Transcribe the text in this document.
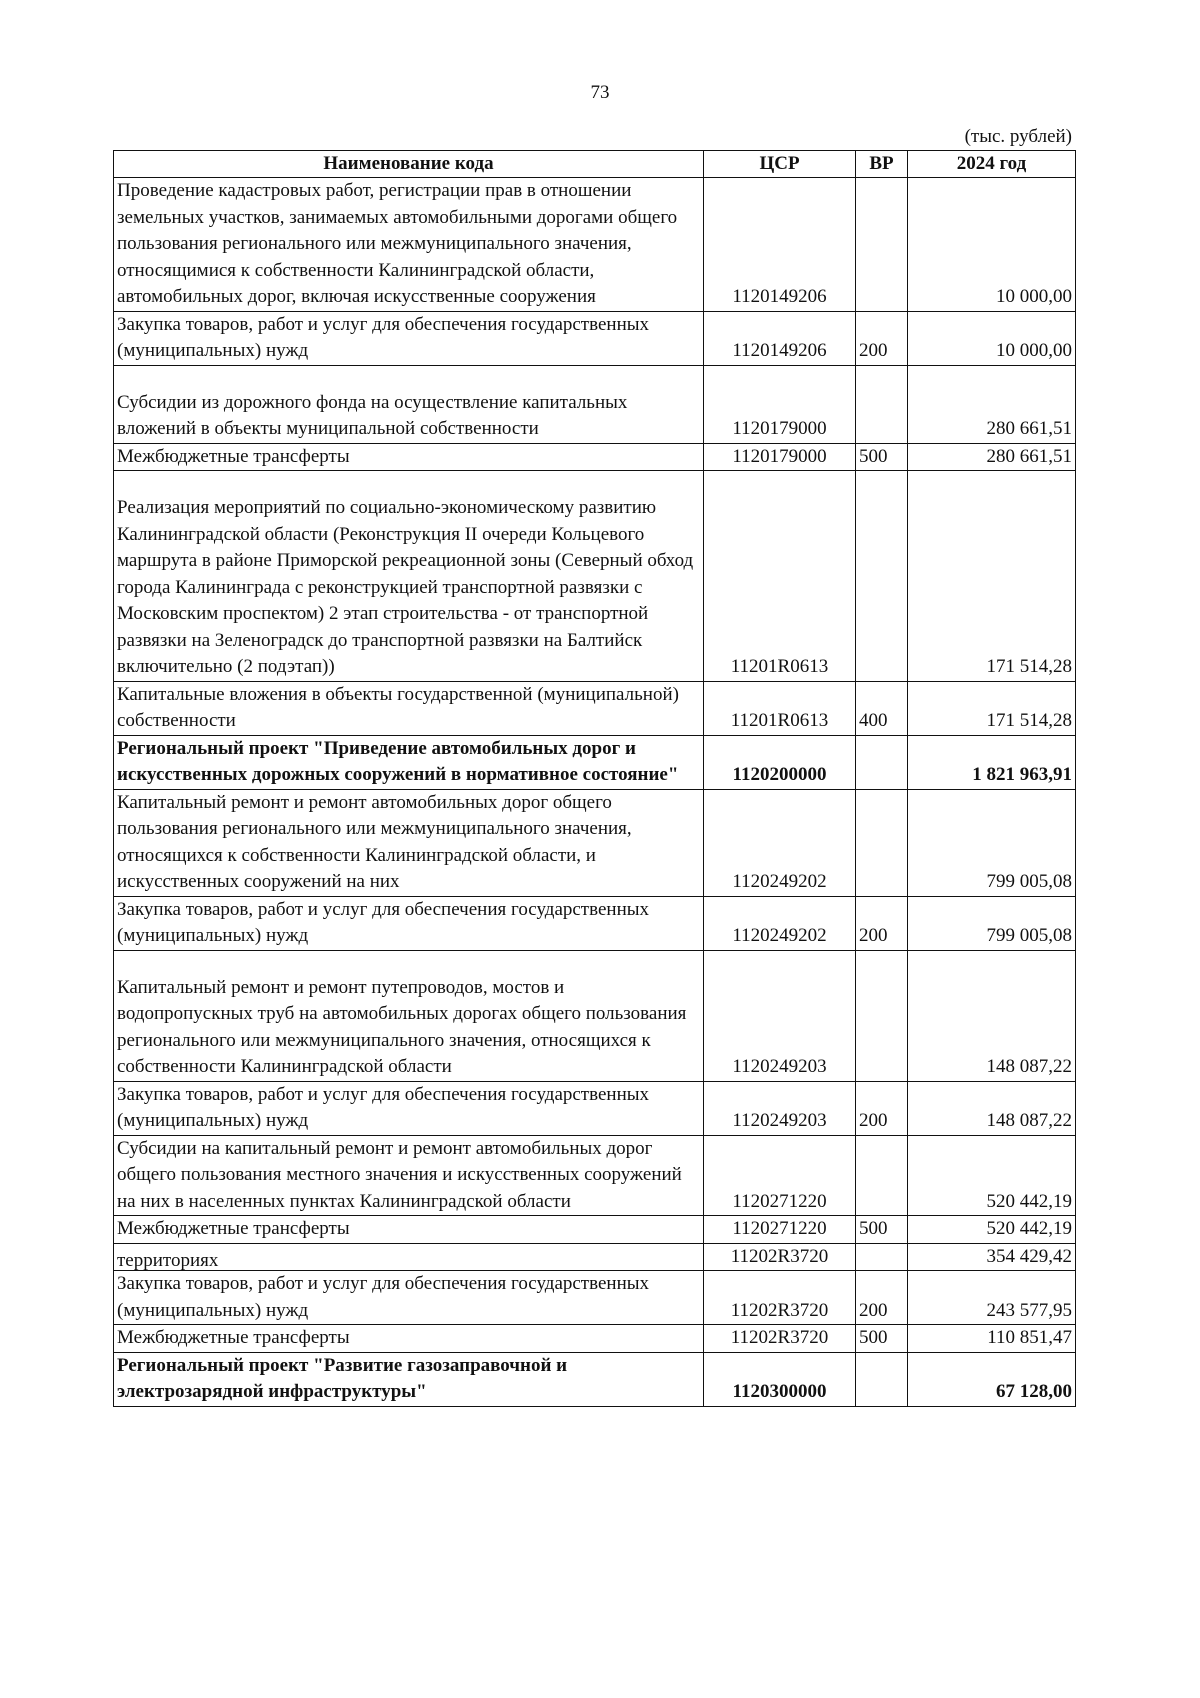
73
(тыс. рублей)
Наименование кода	ЦСР	ВР	2024 год
Проведение кадастровых работ, регистрации прав в отношении земельных участков, занимаемых автомобильными дорогами общего пользования регионального или межмуниципального значения, относящимися к собственности Калининградской области, автомобильных дорог, включая искусственные сооружения	1120149206		10 000,00
Закупка товаров, работ и услуг для обеспечения государственных (муниципальных) нужд	1120149206	200	10 000,00
Субсидии из дорожного фонда на осуществление капитальных вложений в объекты муниципальной собственности	1120179000		280 661,51
Межбюджетные трансферты	1120179000	500	280 661,51
Реализация мероприятий по социально-экономическому развитию Калининградской области (Реконструкция II очереди Кольцевого маршрута в районе Приморской рекреационной зоны (Северный обход города Калининграда с реконструкцией транспортной развязки с Московским проспектом) 2 этап строительства - от транспортной развязки на Зеленоградск до транспортной развязки на Балтийск включительно (2 подэтап))	11201R0613		171 514,28
Капитальные вложения в объекты государственной (муниципальной) собственности	11201R0613	400	171 514,28
Региональный проект "Приведение автомобильных дорог и искусственных дорожных сооружений в нормативное состояние"	1120200000		1 821 963,91
Капитальный ремонт и ремонт автомобильных дорог общего пользования регионального или межмуниципального значения, относящихся к собственности Калининградской области, и искусственных сооружений на них	1120249202		799 005,08
Закупка товаров, работ и услуг для обеспечения государственных (муниципальных) нужд	1120249202	200	799 005,08
Капитальный ремонт и ремонт путепроводов, мостов и водопропускных труб на автомобильных дорогах общего пользования регионального или межмуниципального значения, относящихся к собственности Калининградской области	1120249203		148 087,22
Закупка товаров, работ и услуг для обеспечения государственных (муниципальных) нужд	1120249203	200	148 087,22
Субсидии на капитальный ремонт и ремонт автомобильных дорог общего пользования местного значения и искусственных сооружений на них в населенных пунктах Калининградской области	1120271220		520 442,19
Межбюджетные трансферты	1120271220	500	520 442,19

территориях	11202R3720		354 429,42
Закупка товаров, работ и услуг для обеспечения государственных (муниципальных) нужд	11202R3720	200	243 577,95
Межбюджетные трансферты	11202R3720	500	110 851,47
Региональный проект "Развитие газозаправочной и электрозарядной инфраструктуры"	1120300000		67 128,00
